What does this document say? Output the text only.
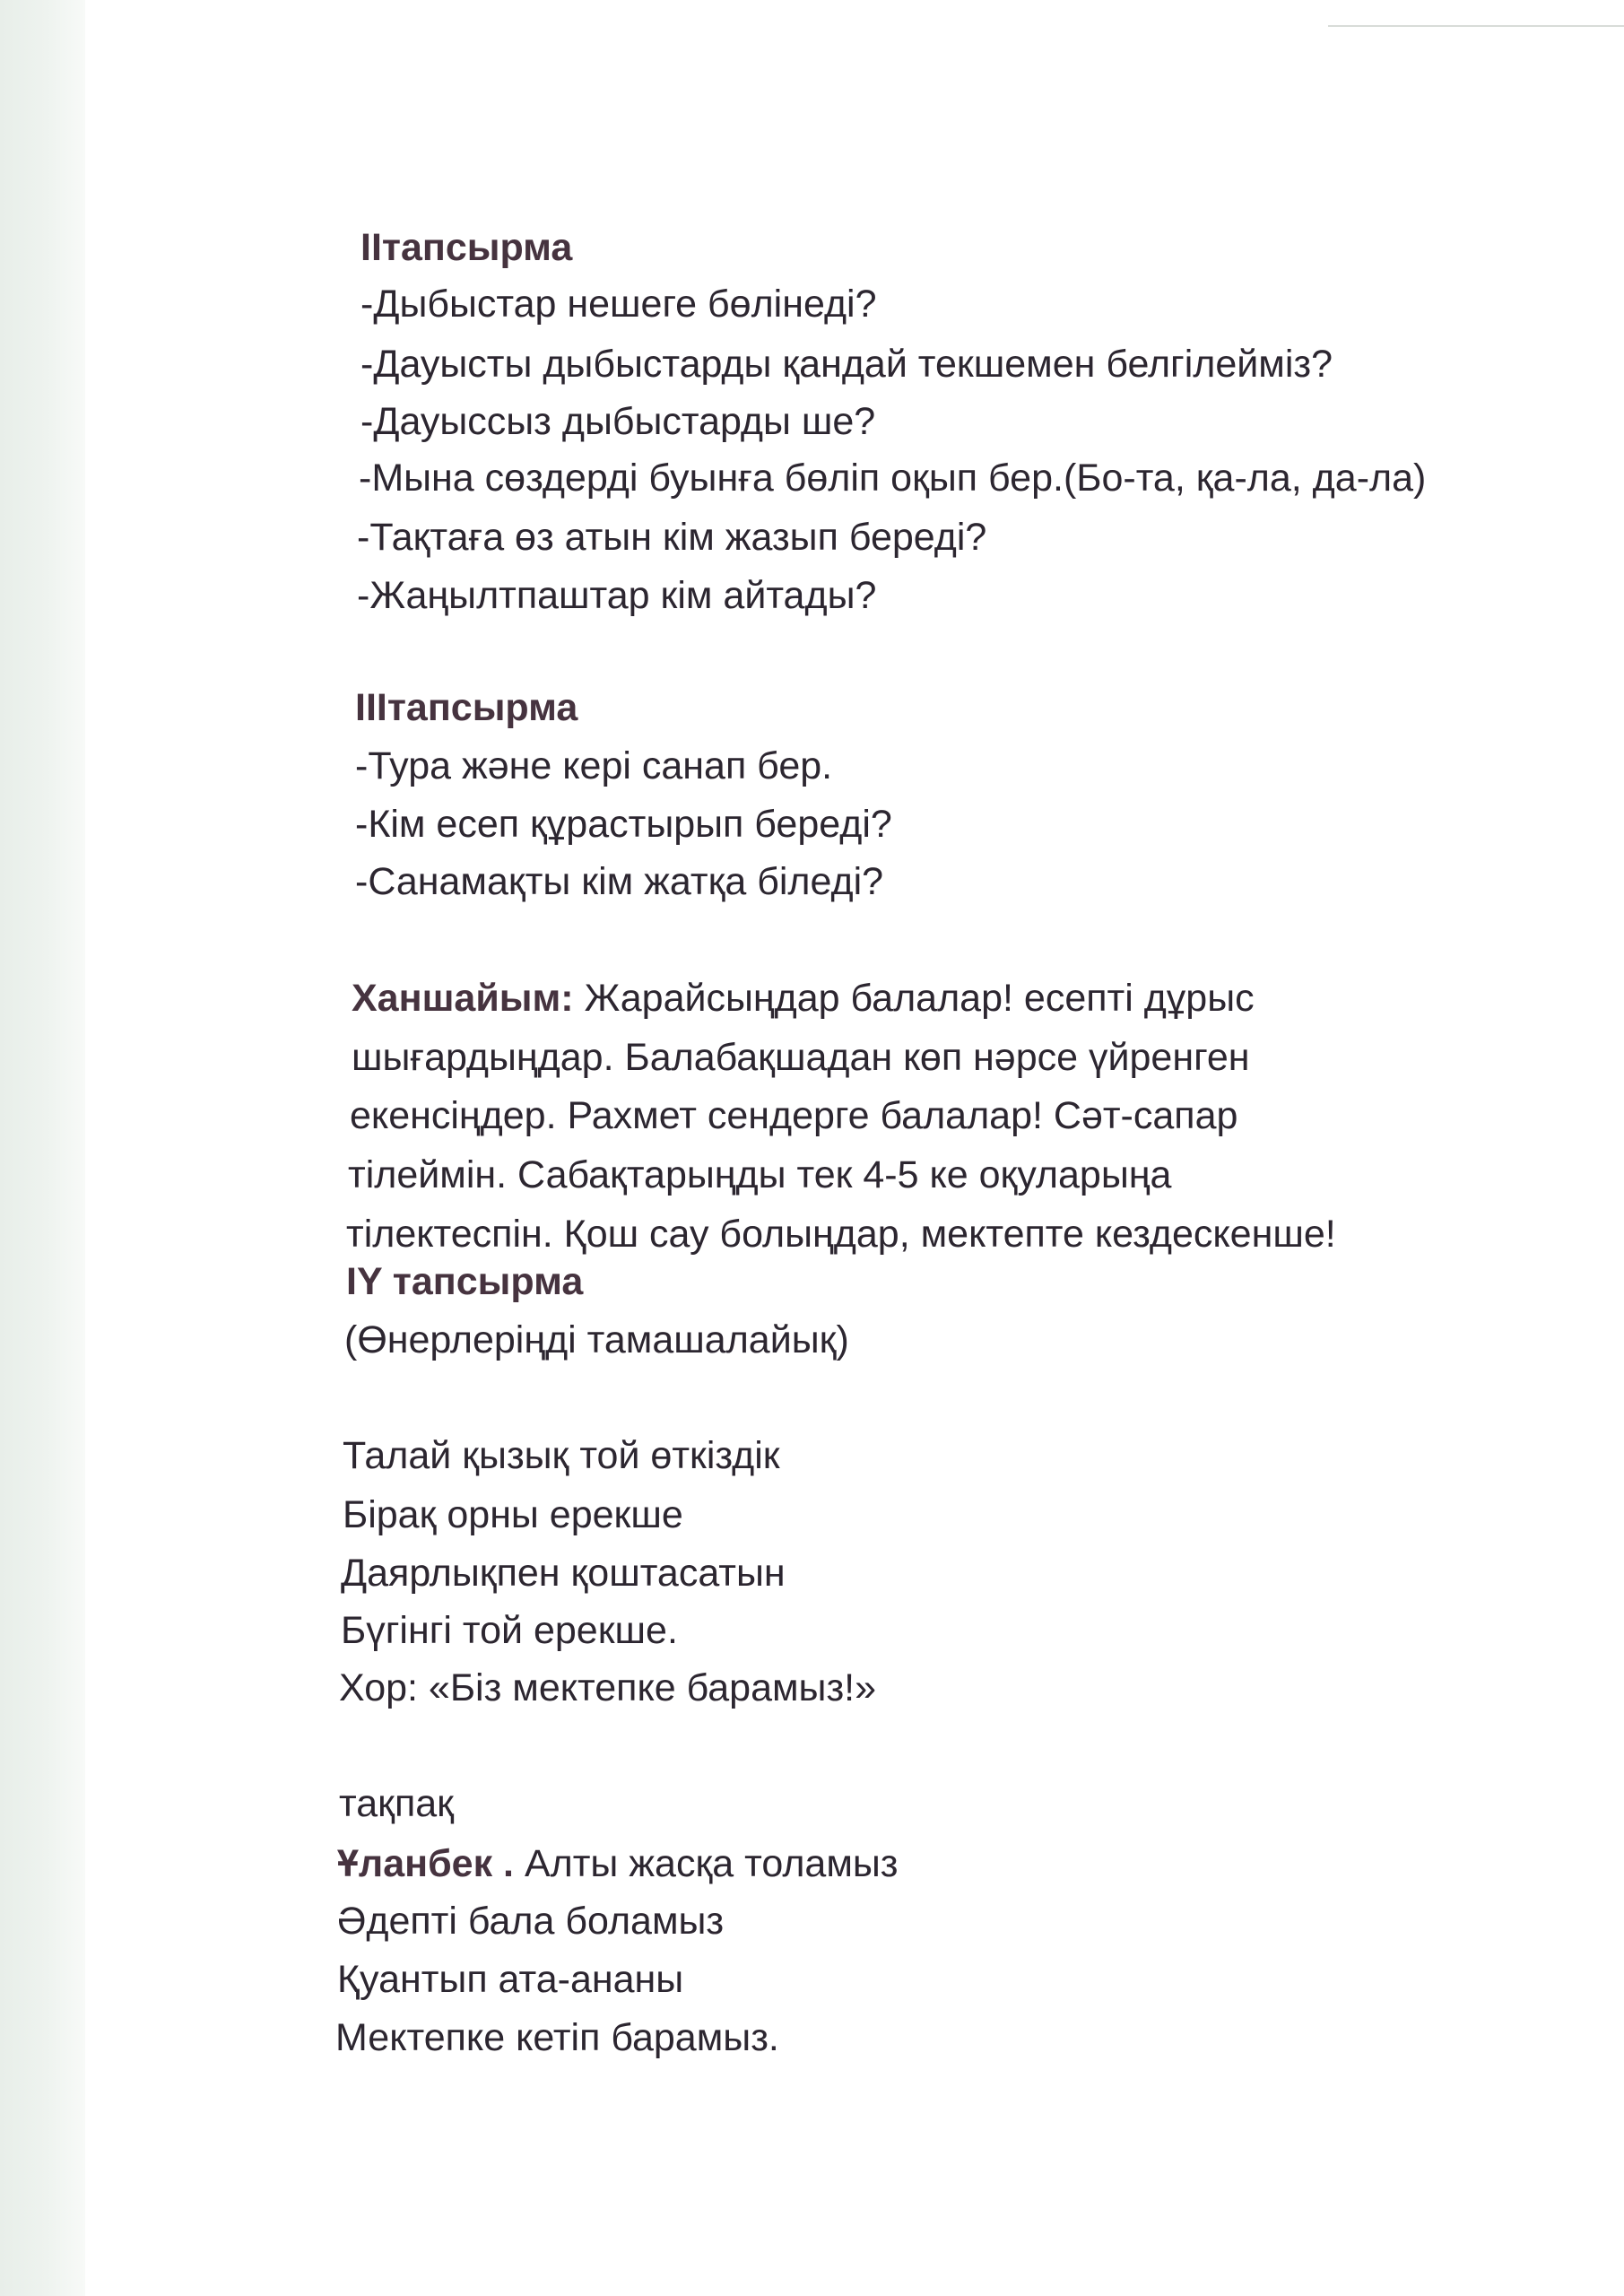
ІІтапсырма

-Дыбыстар нешеге бөлінеді?

-Дауысты дыбыстарды қандай текшемен белгілейміз?

-Дауыссыз дыбыстарды ше?

-Мына сөздерді буынға бөліп оқып бер.(Бо-та, қа-ла, да-ла)

-Тақтаға өз атын кім жазып береді?

-Жаңылтпаштар кім айтады?

ІІІтапсырма

-Тура және кері санап бер.

-Кім есеп құрастырып береді?

-Санамақты кім жатқа біледі?

Ханшайым: Жарайсыңдар балалар! есепті дұрыс

шығардыңдар. Балабақшадан көп нәрсе үйренген

екенсіңдер. Рахмет сендерге балалар! Сәт-сапар

тілеймін. Сабақтарыңды тек 4-5 ке оқуларыңа

тілектеспін. Қош сау болыңдар, мектепте кездескенше!

ІY тапсырма

(Өнерлеріңді тамашалайық)

Талай қызық той өткіздік

Бірақ орны ерекше

Даярлықпен қоштасатын

Бүгінгі той ерекше.

Хор: «Біз мектепке барамыз!»

тақпақ

Ұланбек . Алты жасқа толамыз

Әдепті бала боламыз

Қуантып ата-ананы

Мектепке кетіп барамыз.
